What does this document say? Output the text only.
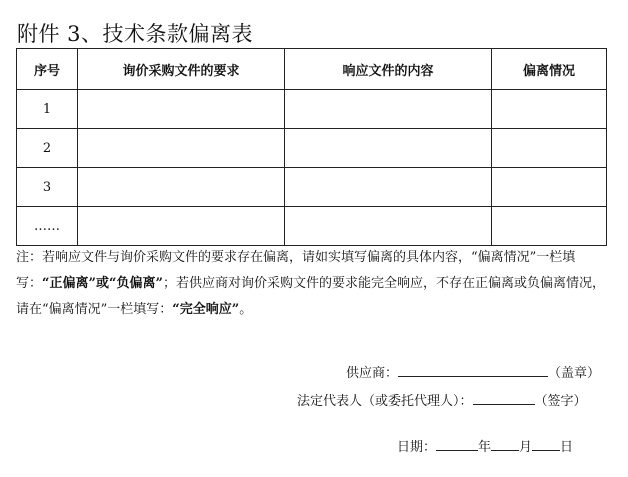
附件 3、技术条款偏离表
序号	询价采购文件的要求	响应文件的内容	偏离情况
1			
2			
3			
……			
注：若响应文件与询价采购文件的要求存在偏离，请如实填写偏离的具体内容，“偏离情况”一栏填写：“正偏离”或“负偏离”；若供应商对询价采购文件的要求能完全响应，不存在正偏离或负偏离情况，请在“偏离情况”一栏填写：“完全响应”。
供应商：	（盖章）
法定代表人（或委托代理人）：	（签字）
日期：	年 月 日
